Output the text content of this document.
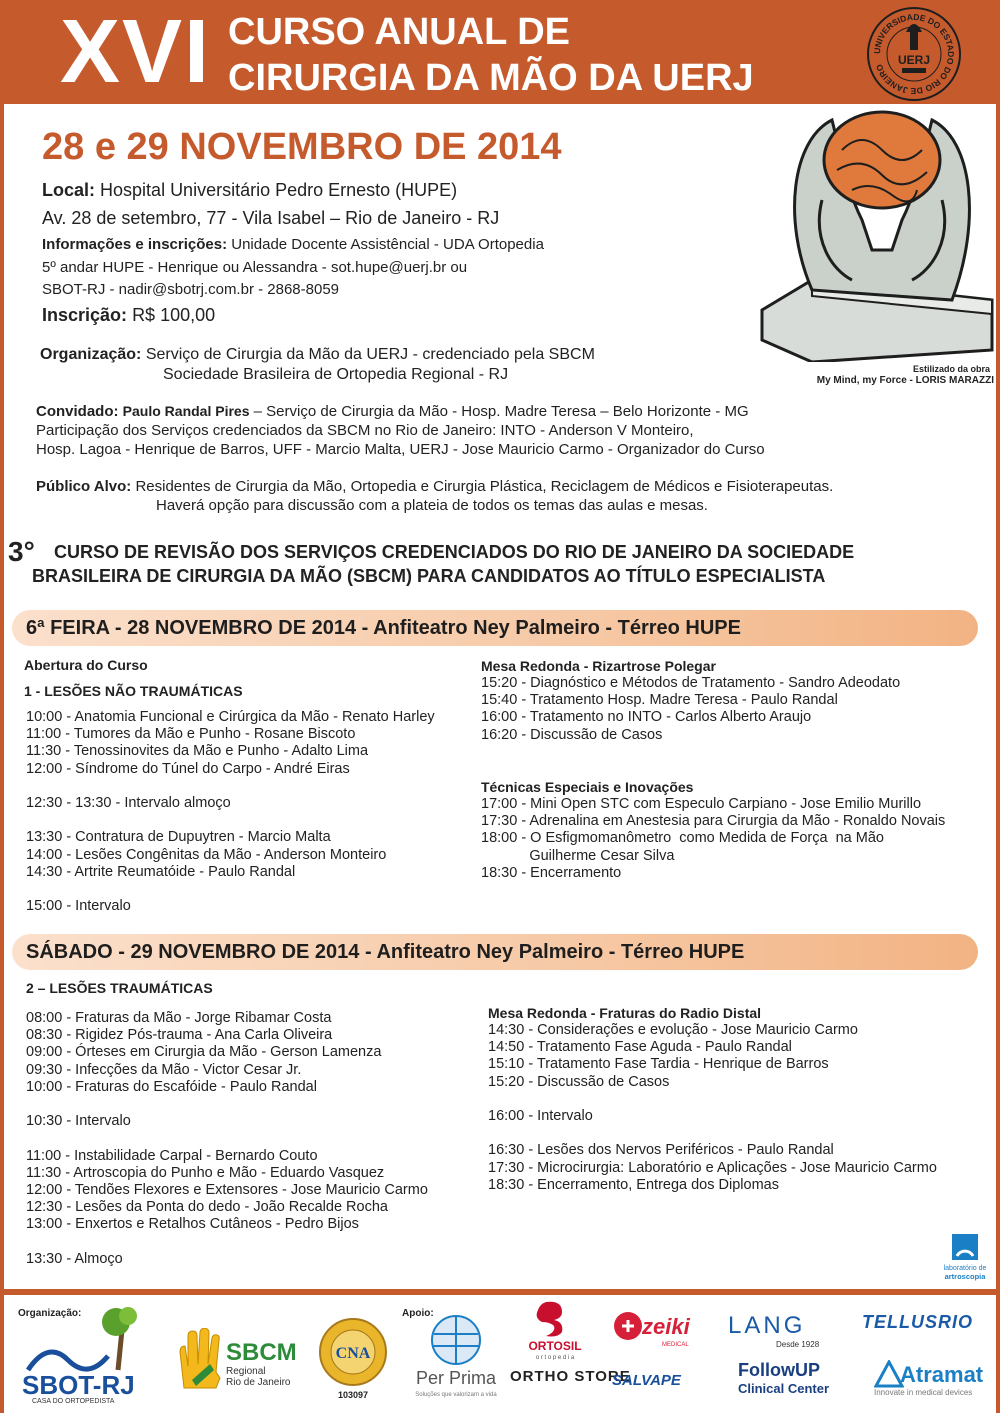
XVI CURSO ANUAL DE
CIRURGIA DA MÃO DA UERJ
UNIVERSIDADE DO ESTADO DO RIO DE JANEIRO
UERJ
28 e 29 NOVEMBRO DE 2014
Local: Hospital Universitário Pedro Ernesto (HUPE)
Av. 28 de setembro, 77 - Vila Isabel – Rio de Janeiro - RJ
Informações e inscrições: Unidade Docente Assistêncial - UDA Ortopedia
5º andar HUPE - Henrique ou Alessandra - sot.hupe@uerj.br ou
SBOT-RJ - nadir@sbotrj.com.br - 2868-8059
Inscrição: R$ 100,00
Organização: Serviço de Cirurgia da Mão da UERJ - credenciado pela SBCM
Sociedade Brasileira de Ortopedia Regional - RJ
Convidado: Paulo Randal Pires – Serviço de Cirurgia da Mão - Hosp. Madre Teresa – Belo Horizonte - MG
Participação dos Serviços credenciados da SBCM no Rio de Janeiro: INTO - Anderson V Monteiro,
Hosp. Lagoa - Henrique de Barros, UFF - Marcio Malta, UERJ - Jose Mauricio Carmo - Organizador do Curso
Público Alvo: Residentes de Cirurgia da Mão, Ortopedia e Cirurgia Plástica, Reciclagem de Médicos e Fisioterapeutas.
Haverá opção para discussão com a plateia de todos os temas das aulas e mesas.
Estilizado da obra
My Mind, my Force - LORIS MARAZZI
3° CURSO DE REVISÃO DOS SERVIÇOS CREDENCIADOS DO RIO DE JANEIRO DA SOCIEDADE
BRASILEIRA DE CIRURGIA DA MÃO (SBCM) PARA CANDIDATOS AO TÍTULO ESPECIALISTA
6ª FEIRA - 28 NOVEMBRO DE 2014 - Anfiteatro Ney Palmeiro - Térreo HUPE
Abertura do Curso
1 - LESÕES NÃO TRAUMÁTICAS
10:00 - Anatomia Funcional e Cirúrgica da Mão - Renato Harley
11:00 - Tumores da Mão e Punho - Rosane Biscoto
11:30 - Tenossinovites da Mão e Punho - Adalto Lima
12:00 - Síndrome do Túnel do Carpo - André Eiras
12:30 - 13:30 - Intervalo almoço
13:30 - Contratura de Dupuytren - Marcio Malta
14:00 - Lesões Congênitas da Mão - Anderson Monteiro
14:30 - Artrite Reumatóide - Paulo Randal
15:00 - Intervalo
Mesa Redonda - Rizartrose Polegar
15:20 - Diagnóstico e Métodos de Tratamento - Sandro Adeodato
15:40 - Tratamento Hosp. Madre Teresa - Paulo Randal
16:00 - Tratamento no INTO - Carlos Alberto Araujo
16:20 - Discussão de Casos
Técnicas Especiais e Inovações
17:00 - Mini Open STC com Especulo Carpiano - Jose Emilio Murillo
17:30 - Adrenalina em Anestesia para Cirurgia da Mão - Ronaldo Novais
18:00 - O Esfigmomanômetro  como Medida de Força  na Mão
Guilherme Cesar Silva
18:30 - Encerramento
SÁBADO - 29 NOVEMBRO DE 2014 - Anfiteatro Ney Palmeiro - Térreo HUPE
2 – LESÕES TRAUMÁTICAS
08:00 - Fraturas da Mão - Jorge Ribamar Costa
08:30 - Rigidez Pós-trauma - Ana Carla Oliveira
09:00 - Órteses em Cirurgia da Mão - Gerson Lamenza
09:30 - Infecções da Mão - Victor Cesar Jr.
10:00 - Fraturas do Escafóide - Paulo Randal
10:30 - Intervalo
11:00 - Instabilidade Carpal - Bernardo Couto
11:30 - Artroscopia do Punho e Mão - Eduardo Vasquez
12:00 - Tendões Flexores e Extensores - Jose Mauricio Carmo
12:30 - Lesões da Ponta do dedo - João Recalde Rocha
13:00 - Enxertos e Retalhos Cutâneos - Pedro Bijos
13:30 - Almoço
Mesa Redonda - Fraturas do Radio Distal
14:30 - Considerações e evolução - Jose Mauricio Carmo
14:50 - Tratamento Fase Aguda - Paulo Randal
15:10 - Tratamento Fase Tardia - Henrique de Barros
15:20 - Discussão de Casos
16:00 - Intervalo
16:30 - Lesões dos Nervos Periféricos - Paulo Randal
17:30 - Microcirurgia: Laboratório e Aplicações - Jose Mauricio Carmo
18:30 - Encerramento, Entrega dos Diplomas
laboratório de
artroscopia
Organização:	Apoio:
SBOT-RJ
CASA DO ORTOPEDISTA
SBCM
Regional
Rio de Janeiro
CNA
103097
Per Prima
Soluções que valorizam a vida
ORTOSIL
o r t o p e d i a
ORTHO STORE
zeiki
MEDICAL
SALVAPE
LANG
Desde 1928
FollowUP
Clinical Center
TELLUSRIO
Atramat
Innovate in medical devices
